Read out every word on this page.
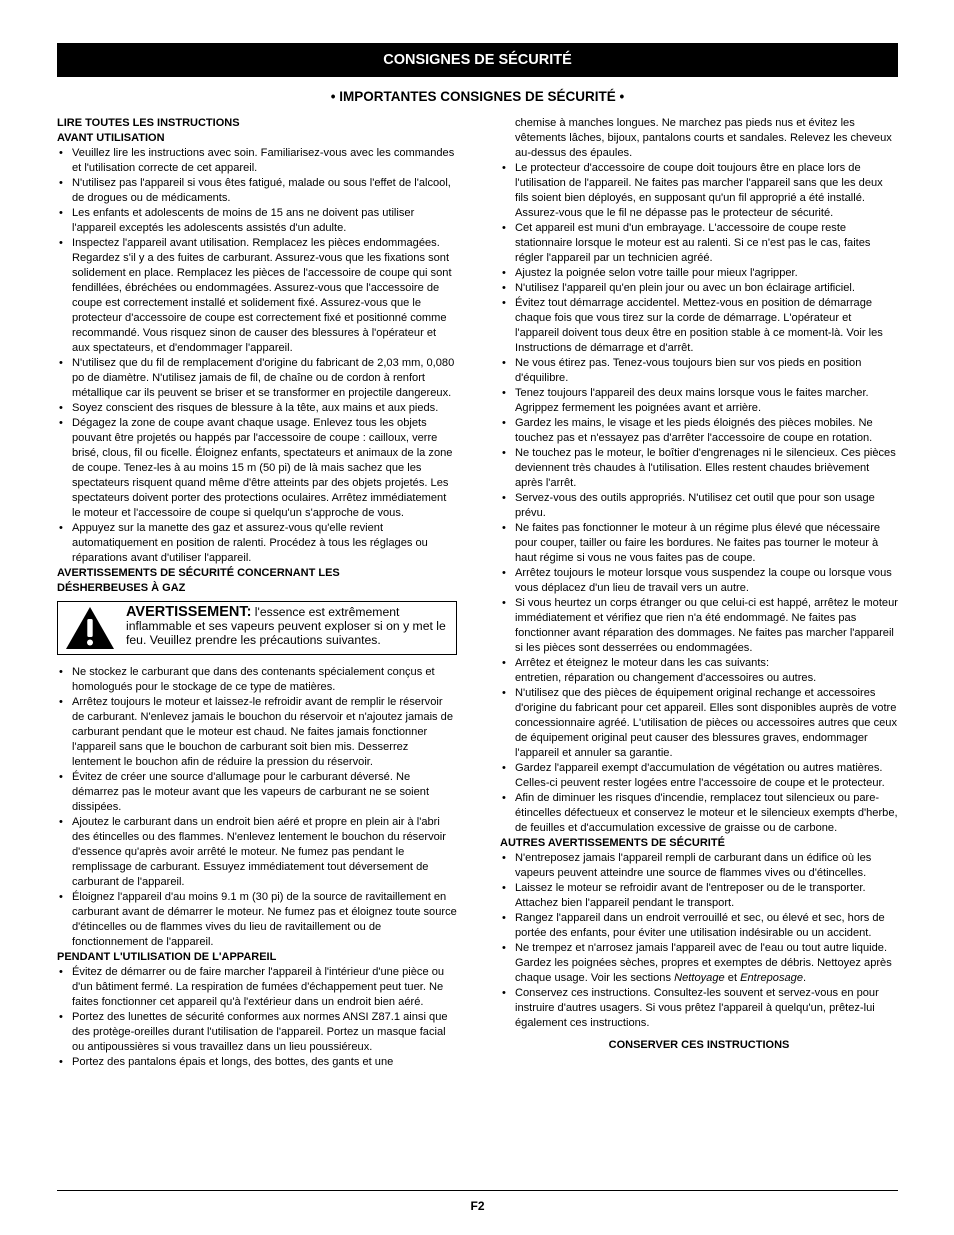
CONSIGNES DE SÉCURITÉ
• IMPORTANTES CONSIGNES DE SÉCURITÉ •
LIRE TOUTES LES INSTRUCTIONS
AVANT UTILISATION
• Veuillez lire les instructions avec soin. Familiarisez-vous avec les commandes et l'utilisation correcte de cet appareil.
• N'utilisez pas l'appareil si vous êtes fatigué, malade ou sous l'effet de l'alcool, de drogues ou de médicaments.
• Les enfants et adolescents de moins de 15 ans ne doivent pas utiliser l'appareil exceptés les adolescents assistés d'un adulte.
• Inspectez l'appareil avant utilisation. Remplacez les pièces endommagées. Regardez s'il y a des fuites de carburant. Assurez-vous que les fixations sont solidement en place. Remplacez les pièces de l'accessoire de coupe qui sont fendillées, ébréchées ou endommagées. Assurez-vous que l'accessoire de coupe est correctement installé et solidement fixé. Assurez-vous que le protecteur d'accessoire de coupe est correctement fixé et positionné comme recommandé. Vous risquez sinon de causer des blessures à l'opérateur et aux spectateurs, et d'endommager l'appareil.
• N'utilisez que du fil de remplacement d'origine du fabricant de 2,03 mm, 0,080 po de diamètre. N'utilisez jamais de fil, de chaîne ou de cordon à renfort métallique car ils peuvent se briser et se transformer en projectile dangereux.
• Soyez conscient des risques de blessure à la tête, aux mains et aux pieds.
• Dégagez la zone de coupe avant chaque usage. Enlevez tous les objets pouvant être projetés ou happés par l'accessoire de coupe : cailloux, verre brisé, clous, fil ou ficelle. Éloignez enfants, spectateurs et animaux de la zone de coupe. Tenez-les à au moins 15 m (50 pi) de là mais sachez que les spectateurs risquent quand même d'être atteints par des objets projetés. Les spectateurs doivent porter des protections oculaires. Arrêtez immédiatement le moteur et l'accessoire de coupe si quelqu'un s'approche de vous.
• Appuyez sur la manette des gaz et assurez-vous qu'elle revient automatiquement en position de ralenti. Procédez à tous les réglages ou réparations avant d'utiliser l'appareil.
AVERTISSEMENTS DE SÉCURITÉ CONCERNANT LES
DÉSHERBEUSES À GAZ
AVERTISSEMENT: l'essence est extrêmement inflammable et ses vapeurs peuvent exploser si on y met le feu. Veuillez prendre les précautions suivantes.
• Ne stockez le carburant que dans des contenants spécialement conçus et homologués pour le stockage de ce type de matières.
• Arrêtez toujours le moteur et laissez-le refroidir avant de remplir le réservoir de carburant. N'enlevez jamais le bouchon du réservoir et n'ajoutez jamais de carburant pendant que le moteur est chaud. Ne faites jamais fonctionner l'appareil sans que le bouchon de carburant soit bien mis. Desserrez lentement le bouchon afin de réduire la pression du réservoir.
• Évitez de créer une source d'allumage pour le carburant déversé. Ne démarrez pas le moteur avant que les vapeurs de carburant ne se soient dissipées.
• Ajoutez le carburant dans un endroit bien aéré et propre en plein air à l'abri des étincelles ou des flammes. N'enlevez lentement le bouchon du réservoir d'essence qu'après avoir arrêté le moteur. Ne fumez pas pendant le remplissage de carburant. Essuyez immédiatement tout déversement de carburant de l'appareil.
• Éloignez l'appareil d'au moins 9.1 m (30 pi) de la source de ravitaillement en carburant avant de démarrer le moteur. Ne fumez pas et éloignez toute source d'étincelles ou de flammes vives du lieu de ravitaillement ou de fonctionnement de l'appareil.
PENDANT L'UTILISATION DE L'APPAREIL
• Évitez de démarrer ou de faire marcher l'appareil à l'intérieur d'une pièce ou d'un bâtiment fermé. La respiration de fumées d'échappement peut tuer. Ne faites fonctionner cet appareil qu'à l'extérieur dans un endroit bien aéré.
• Portez des lunettes de sécurité conformes aux normes ANSI Z87.1 ainsi que des protège-oreilles durant l'utilisation de l'appareil. Portez un masque facial ou antipoussières si vous travaillez dans un lieu poussiéreux.
• Portez des pantalons épais et longs, des bottes, des gants et une
chemise à manches longues. Ne marchez pas pieds nus et évitez les vêtements lâches, bijoux, pantalons courts et sandales. Relevez les cheveux au-dessus des épaules.
• Le protecteur d'accessoire de coupe doit toujours être en place lors de l'utilisation de l'appareil. Ne faites pas marcher l'appareil sans que les deux fils soient bien déployés, en supposant qu'un fil approprié a été installé. Assurez-vous que le fil ne dépasse pas le protecteur de sécurité.
• Cet appareil est muni d'un embrayage. L'accessoire de coupe reste stationnaire lorsque le moteur est au ralenti. Si ce n'est pas le cas, faites régler l'appareil par un technicien agréé.
• Ajustez la poignée selon votre taille pour mieux l'agripper.
• N'utilisez l'appareil qu'en plein jour ou avec un bon éclairage artificiel.
• Évitez tout démarrage accidentel. Mettez-vous en position de démarrage chaque fois que vous tirez sur la corde de démarrage. L'opérateur et l'appareil doivent tous deux être en position stable à ce moment-là. Voir les Instructions de démarrage et d'arrêt.
• Ne vous étirez pas. Tenez-vous toujours bien sur vos pieds en position d'équilibre.
• Tenez toujours l'appareil des deux mains lorsque vous le faites marcher. Agrippez fermement les poignées avant et arrière.
• Gardez les mains, le visage et les pieds éloignés des pièces mobiles. Ne touchez pas et n'essayez pas d'arrêter l'accessoire de coupe en rotation.
• Ne touchez pas le moteur, le boîtier d'engrenages ni le silencieux. Ces pièces deviennent très chaudes à l'utilisation. Elles restent chaudes brièvement après l'arrêt.
• Servez-vous des outils appropriés. N'utilisez cet outil que pour son usage prévu.
• Ne faites pas fonctionner le moteur à un régime plus élevé que nécessaire pour couper, tailler ou faire les bordures. Ne faites pas tourner le moteur à haut régime si vous ne vous faites pas de coupe.
• Arrêtez toujours le moteur lorsque vous suspendez la coupe ou lorsque vous vous déplacez d'un lieu de travail vers un autre.
• Si vous heurtez un corps étranger ou que celui-ci est happé, arrêtez le moteur immédiatement et vérifiez que rien n'a été endommagé. Ne faites pas fonctionner avant réparation des dommages. Ne faites pas marcher l'appareil si les pièces sont desserrées ou endommagées.
• Arrêtez et éteignez le moteur dans les cas suivants:
entretien, réparation ou changement d'accessoires ou autres.
• N'utilisez que des pièces de équipement original rechange et accessoires d'origine du fabricant pour cet appareil. Elles sont disponibles auprès de votre concessionnaire agréé. L'utilisation de pièces ou accessoires autres que ceux de équipement original peut causer des blessures graves, endommager l'appareil et annuler sa garantie.
• Gardez l'appareil exempt d'accumulation de végétation ou autres matières. Celles-ci peuvent rester logées entre l'accessoire de coupe et le protecteur.
• Afin de diminuer les risques d'incendie, remplacez tout silencieux ou pare-étincelles défectueux et conservez le moteur et le silencieux exempts d'herbe, de feuilles et d'accumulation excessive de graisse ou de carbone.
AUTRES AVERTISSEMENTS DE SÉCURITÉ
• N'entreposez jamais l'appareil rempli de carburant dans un édifice où les vapeurs peuvent atteindre une source de flammes vives ou d'étincelles.
• Laissez le moteur se refroidir avant de l'entreposer ou de le transporter. Attachez bien l'appareil pendant le transport.
• Rangez l'appareil dans un endroit verrouillé et sec, ou élevé et sec, hors de portée des enfants, pour éviter une utilisation indésirable ou un accident.
• Ne trempez et n'arrosez jamais l'appareil avec de l'eau ou tout autre liquide. Gardez les poignées sèches, propres et exemptes de débris. Nettoyez après chaque usage. Voir les sections Nettoyage et Entreposage.
• Conservez ces instructions. Consultez-les souvent et servez-vous en pour instruire d'autres usagers. Si vous prêtez l'appareil à quelqu'un, prêtez-lui également ces instructions.
CONSERVER CES INSTRUCTIONS
F2
